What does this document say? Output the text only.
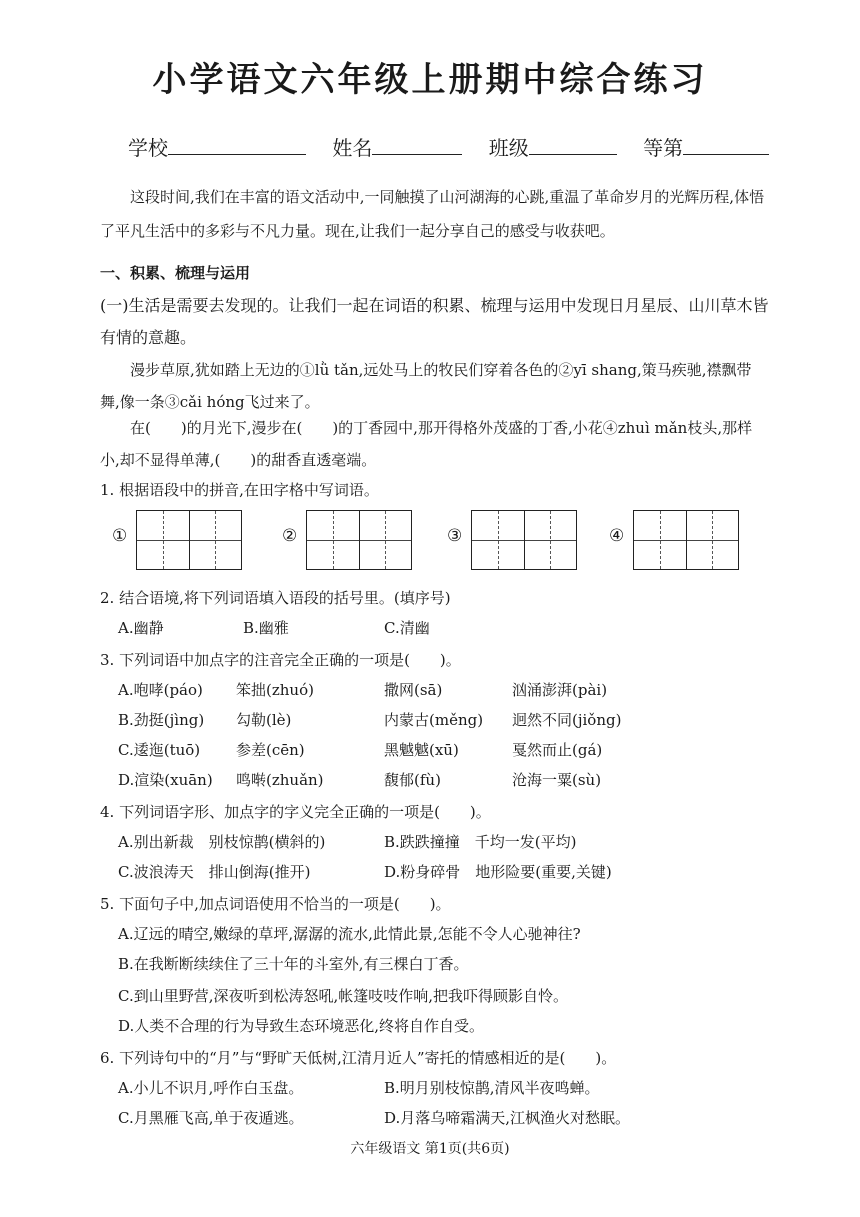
小学语文六年级上册期中综合练习
学校	姓名	班级	等第
这段时间,我们在丰富的语文活动中,一同触摸了山河湖海的心跳,重温了革命岁月的光辉历程,体悟了平凡生活中的多彩与不凡力量。现在,让我们一起分享自己的感受与收获吧。
一、积累、梳理与运用
(一)生活是需要去发现的。让我们一起在词语的积累、梳理与运用中发现日月星辰、山川草木皆有情的意趣。
漫步草原,犹如踏上无边的①lǜ tǎn,远处马上的牧民们穿着各色的②yī shang,策马疾驰,襟飘带舞,像一条③cǎi hóng飞过来了。
在(　　)的月光下,漫步在(　　)的丁香园中,那开得格外茂盛的丁香,小花④zhuì mǎn枝头,那样小,却不显得单薄,(　　)的甜香直透毫端。
1. 根据语段中的拼音,在田字格中写词语。
①	②	③	④
2. 结合语境,将下列词语填入语段的括号里。(填序号)
A.幽静	B.幽雅	C.清幽
3. 下列词语中加点字的注音完全正确的一项是(　　)。
A.咆哮(páo) 笨拙(zhuó)	撒网(sā)	汹涌澎湃(pài)
B.劲挺(jìng) 勾勒(lè)	内蒙古(měng) 迥然不同(jiǒng)
C.逶迤(tuō) 参差(cēn)	黑魆魆(xū)	戛然而止(gá)
D.渲染(xuān) 鸣啭(zhuǎn)	馥郁(fù)	沧海一粟(sù)
4. 下列词语字形、加点字的字义完全正确的一项是(　　)。
A.别出新裁　别枝惊鹊(横斜的)	B.跌跌撞撞　千均一发(平均)
C.波浪涛天　排山倒海(推开)	D.粉身碎骨　地形险要(重要,关键)
5. 下面句子中,加点词语使用不恰当的一项是(　　)。
A.辽远的晴空,嫩绿的草坪,潺潺的流水,此情此景,怎能不令人心驰神往?
B.在我断断续续住了三十年的斗室外,有三棵白丁香。
C.到山里野营,深夜听到松涛怒吼,帐篷吱吱作响,把我吓得顾影自怜。
D.人类不合理的行为导致生态环境恶化,终将自作自受。
6. 下列诗句中的“月”与“野旷天低树,江清月近人”寄托的情感相近的是(　　)。
A.小儿不识月,呼作白玉盘。	B.明月别枝惊鹊,清风半夜鸣蝉。
C.月黑雁飞高,单于夜遁逃。	D.月落乌啼霜满天,江枫渔火对愁眠。
六年级语文 第1页(共6页)
